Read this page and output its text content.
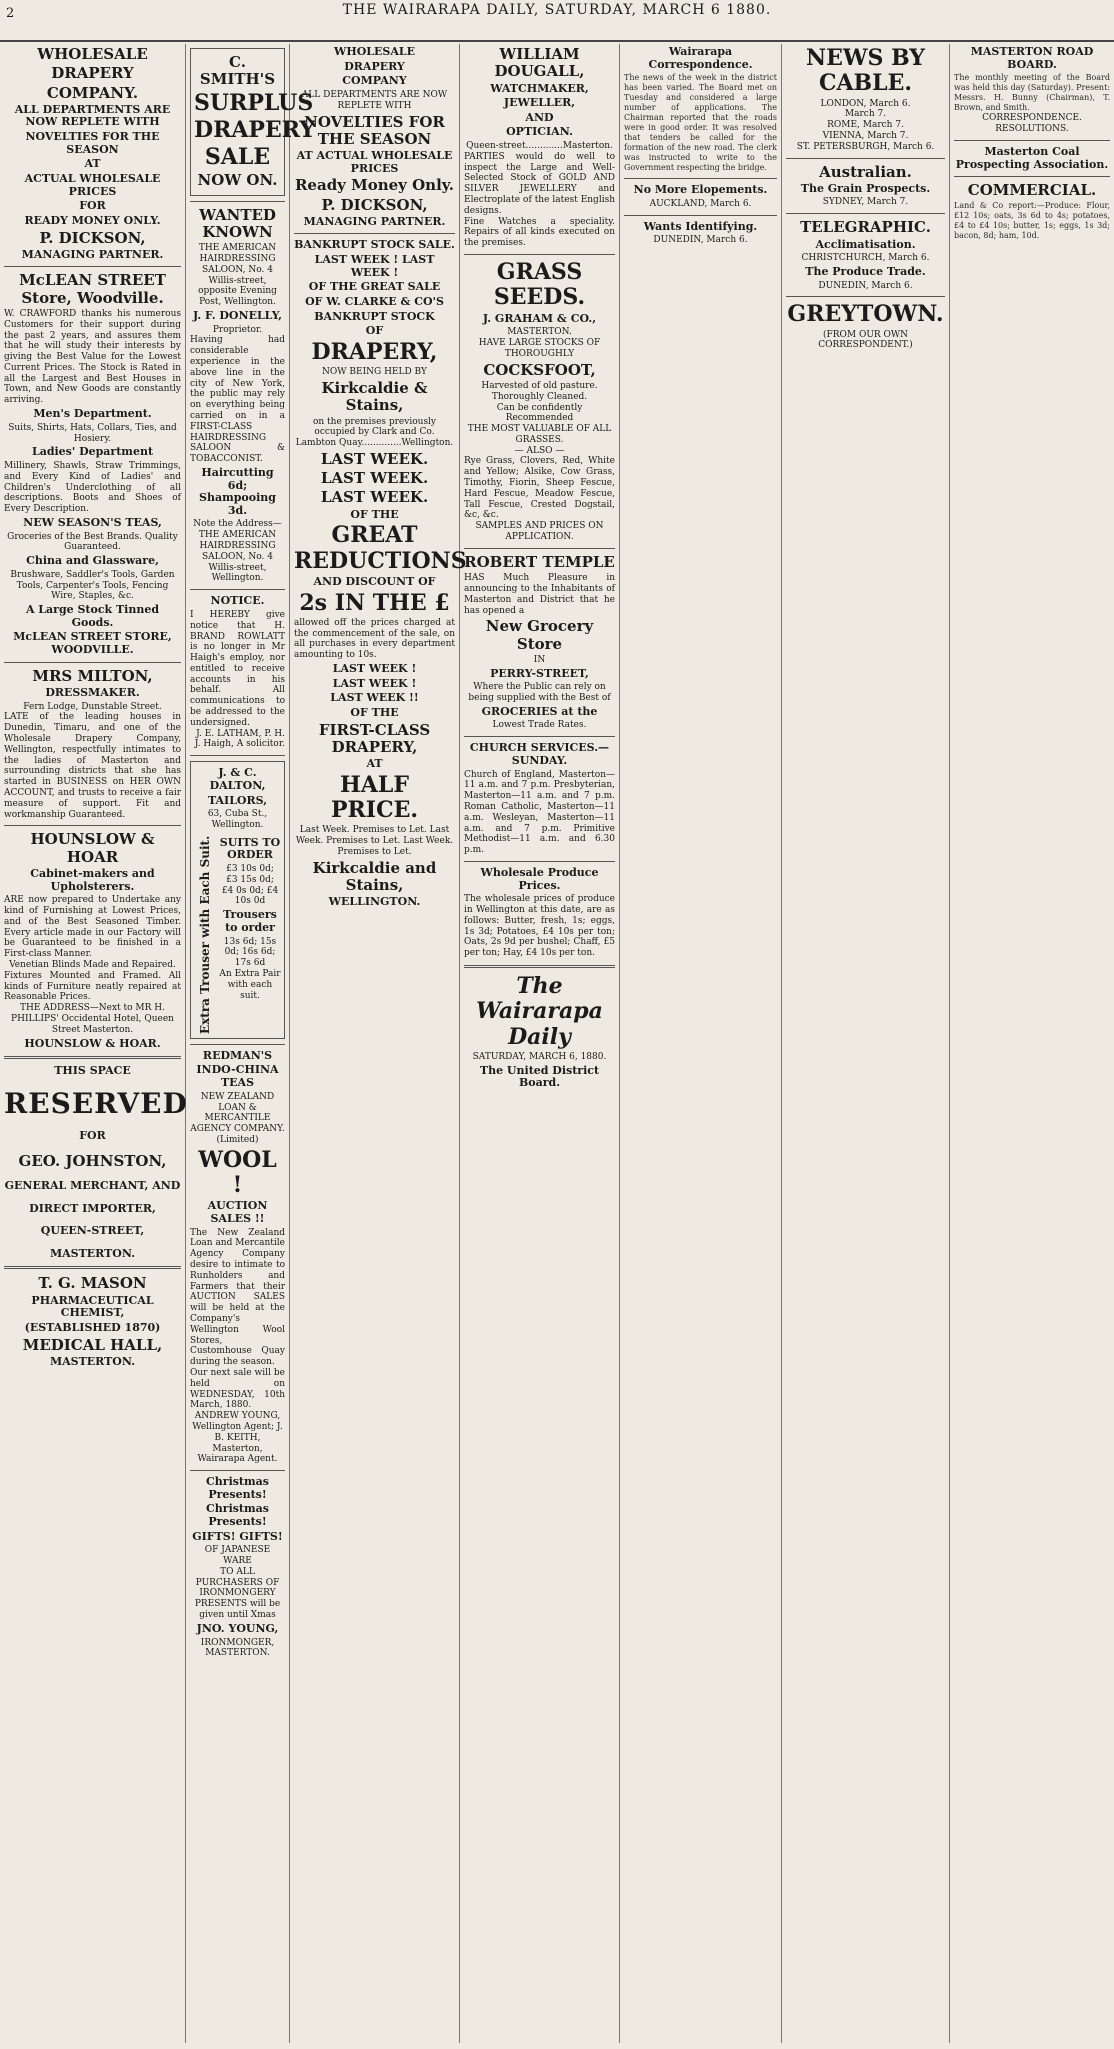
2	THE WAIRARAPA DAILY, SATURDAY, MARCH 6 1880.
WHOLESALE
DRAPERY
COMPANY.
ALL DEPARTMENTS ARE NOW REPLETE WITH
NOVELTIES FOR THE SEASON
AT
ACTUAL WHOLESALE PRICES
FOR
READY MONEY ONLY.
P. DICKSON,
MANAGING PARTNER.
McLEAN STREET Store, Woodville.
W. CRAWFORD thanks his numerous Customers for their support during the past 2 years, and assures them that he will study their interests by giving the Best Value for the Lowest Current Prices. The Stock is Rated in all the Largest and Best Houses in Town, and New Goods are constantly arriving.
Men's Department.
Suits, Shirts, Hats, Collars, Ties, and Hosiery.
Ladies' Department
Millinery, Shawls, Straw Trimmings, and Every Kind of Ladies' and Children's Underclothing of all descriptions. Boots and Shoes of Every Description.
NEW SEASON'S TEAS,
Groceries of the Best Brands. Quality Guaranteed.
China and Glassware,
Brushware, Saddler's Tools, Garden Tools, Carpenter's Tools, Fencing Wire, Staples, &c.
A Large Stock Tinned Goods.
McLEAN STREET STORE, WOODVILLE.
MRS MILTON,
DRESSMAKER.
Fern Lodge, Dunstable Street.
LATE of the leading houses in Dunedin, Timaru, and one of the Wholesale Drapery Company, Wellington, respectfully intimates to the ladies of Masterton and surrounding districts that she has started in BUSINESS on HER OWN ACCOUNT, and trusts to receive a fair measure of support. Fit and workmanship Guaranteed.
HOUNSLOW & HOAR
Cabinet-makers and Upholsterers.
ARE now prepared to Undertake any kind of Furnishing at Lowest Prices, and of the Best Seasoned Timber. Every article made in our Factory will be Guaranteed to be finished in a First-class Manner.
Venetian Blinds Made and Repaired.
Fixtures Mounted and Framed. All kinds of Furniture neatly repaired at Reasonable Prices.
THE ADDRESS—Next to MR H. PHILLIPS' Occidental Hotel, Queen Street Masterton.
HOUNSLOW & HOAR.
THIS SPACE
RESERVED
FOR
GEO. JOHNSTON,
GENERAL MERCHANT, AND
DIRECT IMPORTER,
QUEEN-STREET,
MASTERTON.
T. G. MASON
PHARMACEUTICAL CHEMIST,
(ESTABLISHED 1870)
MEDICAL HALL,
MASTERTON.
C. SMITH'S
SURPLUS
DRAPERY
SALE
NOW ON.
WANTED KNOWN
THE AMERICAN HAIRDRESSING SALOON, No. 4 Willis-street, opposite Evening Post, Wellington.
J. F. DONELLY,
Proprietor.
Having had considerable experience in the above line in the city of New York, the public may rely on everything being carried on in a FIRST-CLASS HAIRDRESSING SALOON & TOBACCONIST.
Haircutting 6d; Shampooing 3d.
Note the Address—THE AMERICAN HAIRDRESSING SALOON, No. 4 Willis-street, Wellington.
NOTICE.
I HEREBY give notice that H. BRAND ROWLATT is no longer in Mr Haigh's employ, nor entitled to receive accounts in his behalf. All communications to be addressed to the undersigned.
J. E. LATHAM, P. H. J. Haigh, A solicitor.
J. & C. DALTON,
TAILORS,
63, Cuba St., Wellington.
Extra Trouser with Each Suit. SUITS TO ORDER
£3 10s 0d; £3 15s 0d; £4 0s 0d; £4 10s 0d
Trousers to order
13s 6d; 15s 0d; 16s 6d; 17s 6d
An Extra Pair with each suit.
REDMAN'S
INDO-CHINA TEAS
NEW ZEALAND LOAN & MERCANTILE AGENCY COMPANY.
(Limited)
WOOL !
AUCTION SALES !!
The New Zealand Loan and Mercantile Agency Company desire to intimate to Runholders and Farmers that their AUCTION SALES will be held at the Company's Wellington Wool Stores, Customhouse Quay during the season.
Our next sale will be held on WEDNESDAY, 10th March, 1880.
ANDREW YOUNG, Wellington Agent; J. B. KEITH, Masterton, Wairarapa Agent.
Christmas Presents!
Christmas Presents!
GIFTS! GIFTS!
OF JAPANESE WARE
TO ALL PURCHASERS OF IRONMONGERY
PRESENTS will be given until Xmas
JNO. YOUNG,
IRONMONGER, MASTERTON.
WHOLESALE
DRAPERY
COMPANY
ALL DEPARTMENTS ARE NOW REPLETE WITH
NOVELTIES FOR THE SEASON
AT ACTUAL WHOLESALE PRICES
Ready Money Only.
P. DICKSON,
MANAGING PARTNER.
BANKRUPT STOCK SALE.
LAST WEEK ! LAST WEEK !
OF THE GREAT SALE
OF W. CLARKE & CO'S
BANKRUPT STOCK
OF
DRAPERY,
NOW BEING HELD BY
Kirkcaldie & Stains,
on the premises previously occupied by Clark and Co.
Lambton Quay..............Wellington.
LAST WEEK.
LAST WEEK.
LAST WEEK.
OF THE
GREAT REDUCTIONS
AND DISCOUNT OF
2s IN THE £
allowed off the prices charged at the commencement of the sale, on all purchases in every department amounting to 10s.
LAST WEEK !
LAST WEEK !
LAST WEEK !!
OF THE
FIRST-CLASS DRAPERY,
AT
HALF PRICE.
Last Week. Premises to Let. Last Week. Premises to Let. Last Week. Premises to Let.
Kirkcaldie and Stains,
WELLINGTON.
WILLIAM DOUGALL,
WATCHMAKER,
JEWELLER,
AND
OPTICIAN.
Queen-street.............Masterton.
PARTIES would do well to inspect the Large and Well-Selected Stock of GOLD AND SILVER JEWELLERY and Electroplate of the latest English designs.
Fine Watches a speciality. Repairs of all kinds executed on the premises.
GRASS SEEDS.
J. GRAHAM & CO.,
MASTERTON.
HAVE LARGE STOCKS OF THOROUGHLY
COCKSFOOT,
Harvested of old pasture. Thoroughly Cleaned.
Can be confidently Recommended
THE MOST VALUABLE OF ALL GRASSES.
— ALSO —
Rye Grass, Clovers, Red, White and Yellow; Alsike, Cow Grass, Timothy, Fiorin, Sheep Fescue, Hard Fescue, Meadow Fescue, Tall Fescue, Crested Dogstail, &c, &c.
SAMPLES AND PRICES ON APPLICATION.
ROBERT TEMPLE
HAS Much Pleasure in announcing to the Inhabitants of Masterton and District that he has opened a
New Grocery Store
IN
PERRY-STREET,
Where the Public can rely on being supplied with the Best of
GROCERIES at the
Lowest Trade Rates.
CHURCH SERVICES.—SUNDAY.
Church of England, Masterton—11 a.m. and 7 p.m. Presbyterian, Masterton—11 a.m. and 7 p.m. Roman Catholic, Masterton—11 a.m. Wesleyan, Masterton—11 a.m. and 7 p.m. Primitive Methodist—11 a.m. and 6.30 p.m.
Wholesale Produce Prices.
The wholesale prices of produce in Wellington at this date, are as follows: Butter, fresh, 1s; eggs, 1s 3d; Potatoes, £4 10s per ton; Oats, 2s 9d per bushel; Chaff, £5 per ton; Hay, £4 10s per ton.
The Wairarapa Daily
SATURDAY, MARCH 6, 1880.
The United District Board.
Wairarapa Correspondence.
The news of the week in the district has been varied. The Board met on Tuesday and considered a large number of applications. The Chairman reported that the roads were in good order. It was resolved that tenders be called for the formation of the new road. The clerk was instructed to write to the Government respecting the bridge.
No More Elopements.
AUCKLAND, March 6.
Wants Identifying.
DUNEDIN, March 6.
NEWS BY CABLE.
LONDON, March 6.
March 7.
ROME, March 7.
VIENNA, March 7.
ST. PETERSBURGH, March 6.
Australian.
The Grain Prospects.
SYDNEY, March 7.
TELEGRAPHIC.
Acclimatisation.
CHRISTCHURCH, March 6.
The Produce Trade.
DUNEDIN, March 6.
GREYTOWN.
(FROM OUR OWN CORRESPONDENT.)
MASTERTON ROAD BOARD.
The monthly meeting of the Board was held this day (Saturday). Present: Messrs. H. Bunny (Chairman), T. Brown, and Smith.
CORRESPONDENCE.
RESOLUTIONS.
Masterton Coal Prospecting Association.
COMMERCIAL.
Land & Co report:—Produce: Flour, £12 10s; oats, 3s 6d to 4s; potatoes, £4 to £4 10s; butter, 1s; eggs, 1s 3d; bacon, 8d; ham, 10d.
